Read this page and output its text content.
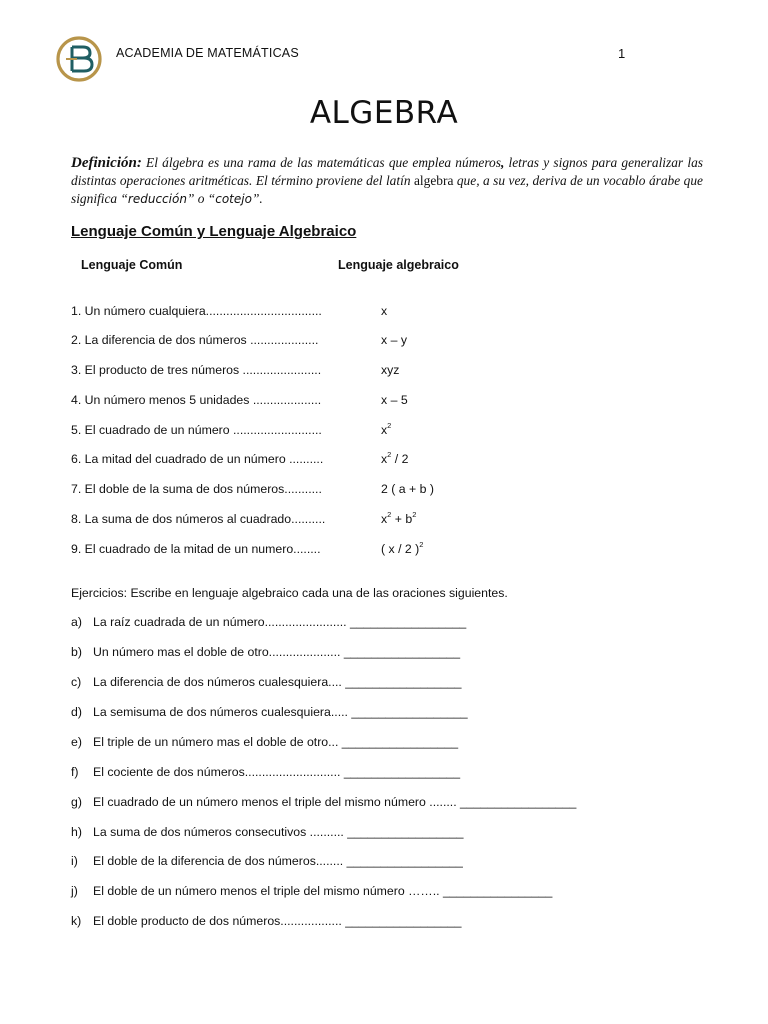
ACADEMIA DE MATEMÁTICAS	1
ALGEBRA
Definición: El álgebra es una rama de las matemáticas que emplea números, letras y signos para generalizar las distintas operaciones aritméticas. El término proviene del latín algebra que, a su vez, deriva de un vocablo árabe que significa “reducción” o “cotejo”.
Lenguaje Común y Lenguaje Algebraico
Lenguaje Común	Lenguaje algebraico
1. Un número cualquiera..................................	x
2. La diferencia de dos números ....................	x – y
3. El producto de tres números .......................	xyz
4. Un número menos 5 unidades ....................	x – 5
5. El cuadrado de un número ..........................	$x^2$
6. La mitad del cuadrado de un número ..........	$x^2 / 2$
7. El doble de la suma de dos números...........	2 ( a + b )
8. La suma de dos números al cuadrado..........	$x^2 + b^2$
9. El cuadrado de la mitad de un numero........	( x / 2 )$^2$
Ejercicios: Escribe en lenguaje algebraico cada una de las oraciones siguientes.
a) La raíz cuadrada de un número........................ _________________
b) Un número mas el doble de otro..................... _________________
c) La diferencia de dos números cualesquiera.... _________________
d) La semisuma de dos números cualesquiera..... _________________
e) El triple de un número mas el doble de otro... _________________
f) El cociente de dos números............................ _________________
g) El cuadrado de un número menos el triple del mismo número ........ _________________
h) La suma de dos números consecutivos .......... _________________
i) El doble de la diferencia de dos números........ _________________
j) El doble de un número menos el triple del mismo número …….. ________________
k) El doble producto de dos números.................. _________________
